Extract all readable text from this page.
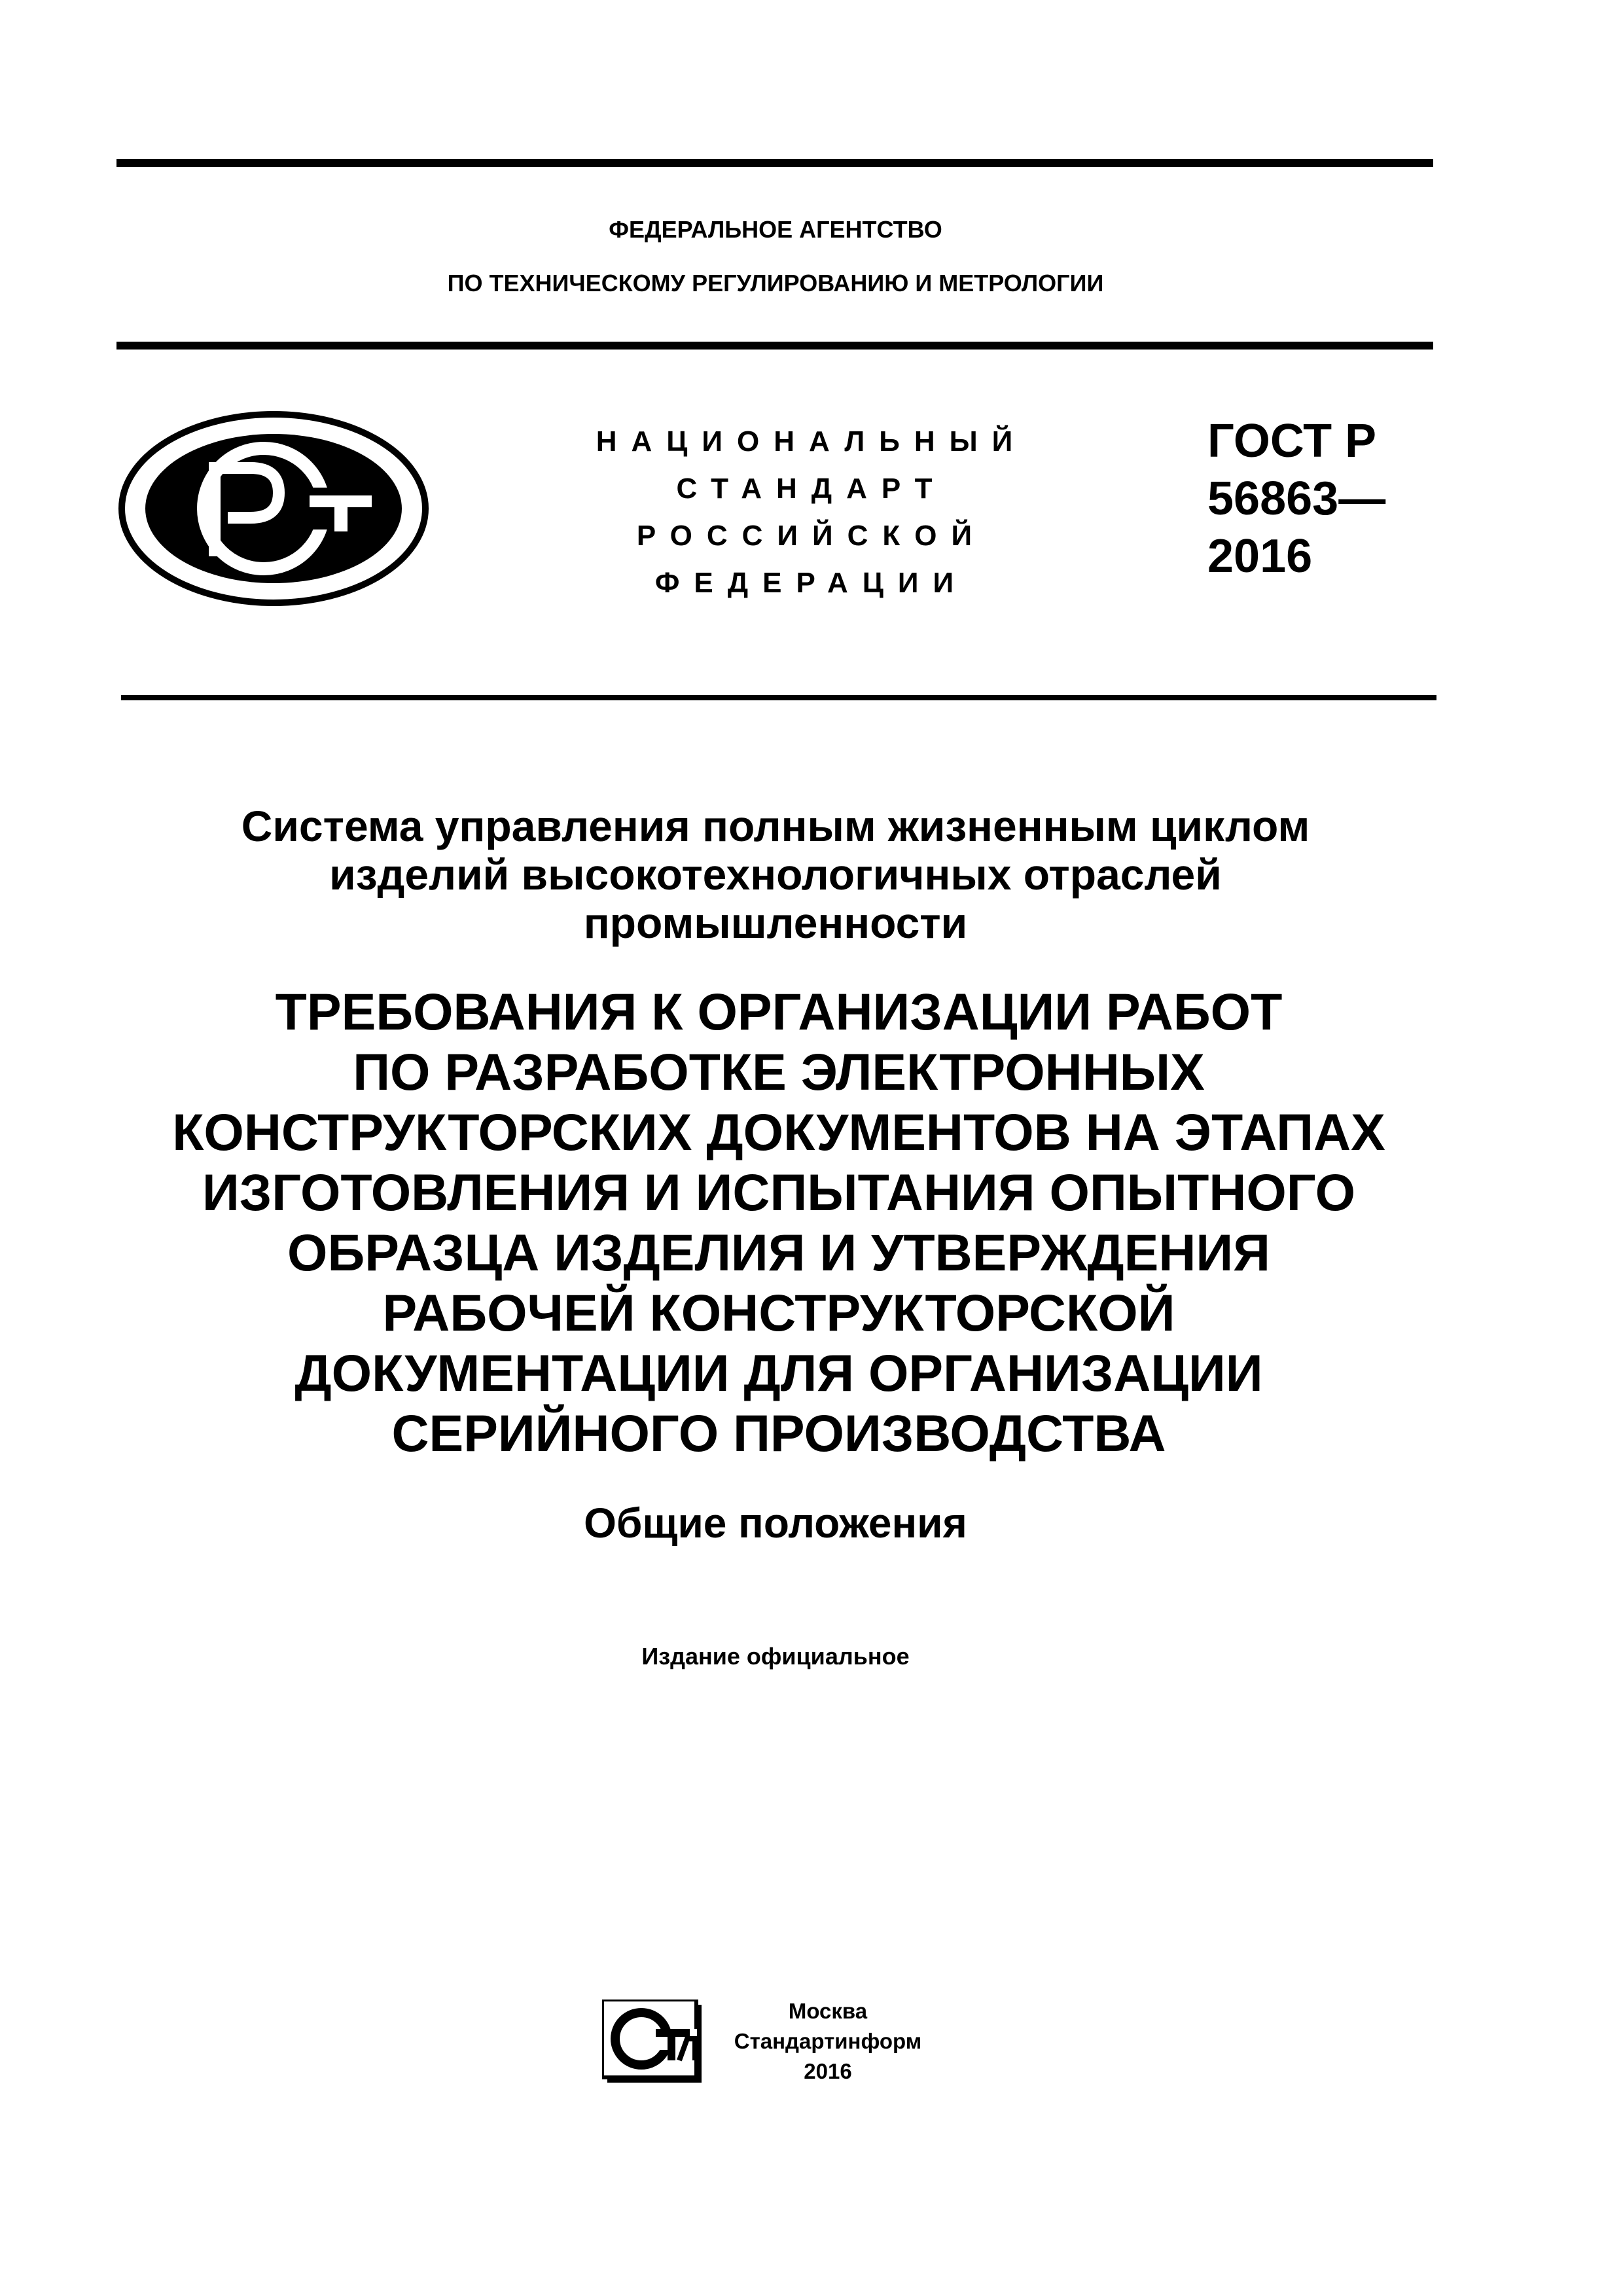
ФЕДЕРАЛЬНОЕ АГЕНТСТВО
ПО ТЕХНИЧЕСКОМУ РЕГУЛИРОВАНИЮ И МЕТРОЛОГИИ
НАЦИОНАЛЬНЫЙ
СТАНДАРТ
РОССИЙСКОЙ
ФЕДЕРАЦИИ
ГОСТ Р
56863—
2016
Система управления полным жизненным циклом
изделий высокотехнологичных отраслей
промышленности
ТРЕБОВАНИЯ К ОРГАНИЗАЦИИ РАБОТ
ПО РАЗРАБОТКЕ ЭЛЕКТРОННЫХ
КОНСТРУКТОРСКИХ ДОКУМЕНТОВ НА ЭТАПАХ
ИЗГОТОВЛЕНИЯ И ИСПЫТАНИЯ ОПЫТНОГО
ОБРАЗЦА ИЗДЕЛИЯ И УТВЕРЖДЕНИЯ
РАБОЧЕЙ КОНСТРУКТОРСКОЙ
ДОКУМЕНТАЦИИ ДЛЯ ОРГАНИЗАЦИИ
СЕРИЙНОГО ПРОИЗВОДСТВА
Общие положения
Издание официальное
Москва
Стандартинформ
2016
